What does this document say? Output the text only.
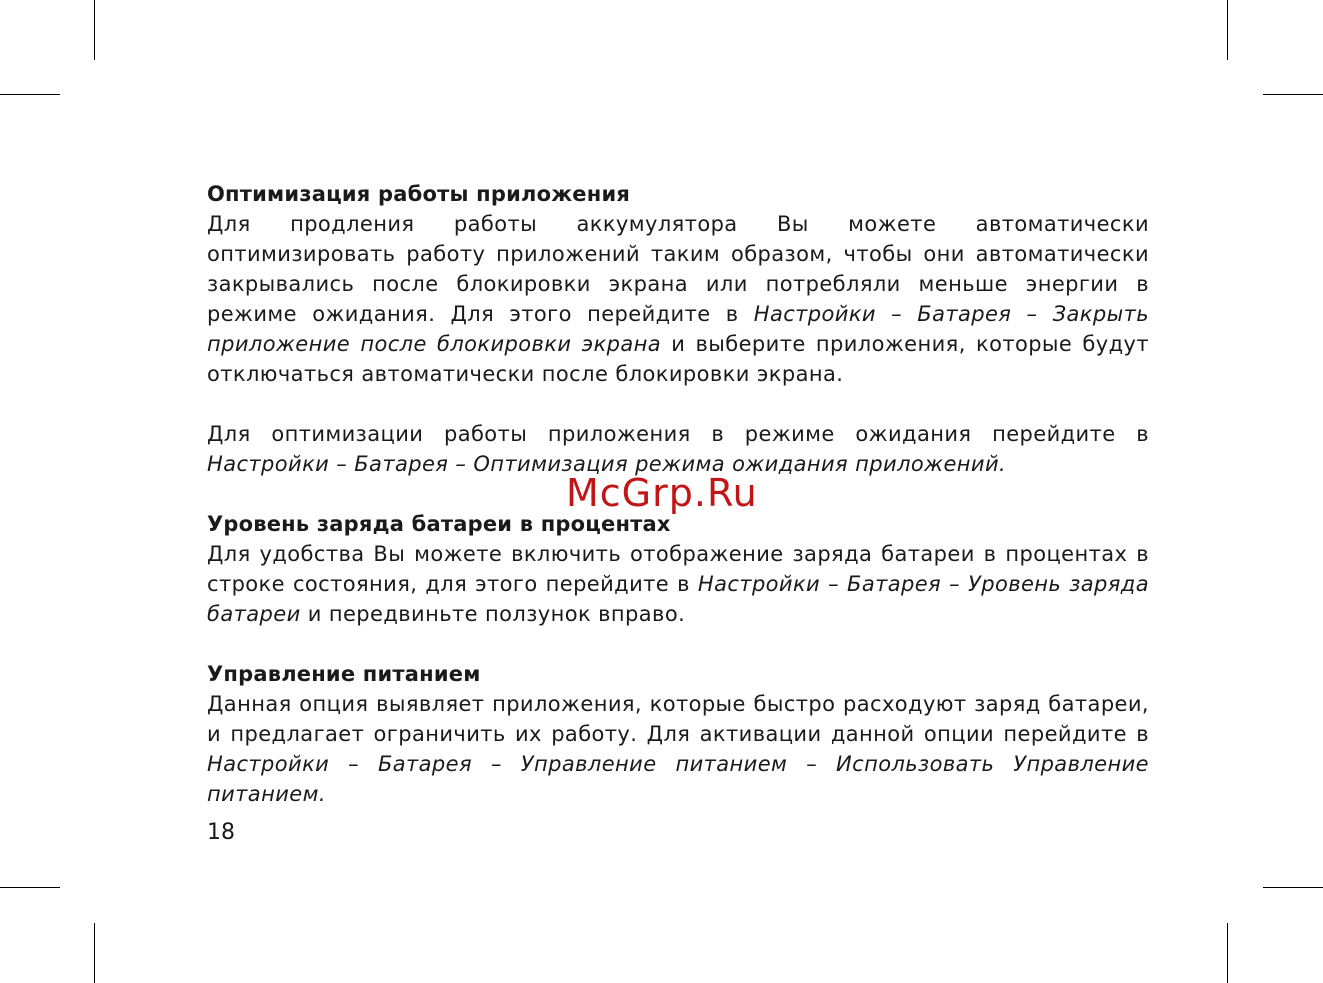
Оптимизация работы приложения

Для продления работы аккумулятора Вы можете автоматически оптимизировать работу приложений таким образом, чтобы они автоматически закрывались после блокировки экрана или потребляли меньше энергии в режиме ожидания. Для этого перейдите в Настройки – Батарея – Закрыть приложение после блокировки экрана и выберите приложения, которые будут отключаться автоматически после блокировки экрана.

Для оптимизации работы приложения в режиме ожидания перейдите в Настройки – Батарея – Оптимизация режима ожидания приложений.

Уровень заряда батареи в процентах

Для удобства Вы можете включить отображение заряда батареи в процентах в строке состояния, для этого перейдите в Настройки – Батарея – Уровень заряда батареи и передвиньте ползунок вправо.

Управление питанием

Данная опция выявляет приложения, которые быстро расходуют заряд батареи, и предлагает ограничить их работу. Для активации данной опции перейдите в Настройки – Батарея – Управление питанием – Использовать Управление питанием.

McGrp.Ru
18
